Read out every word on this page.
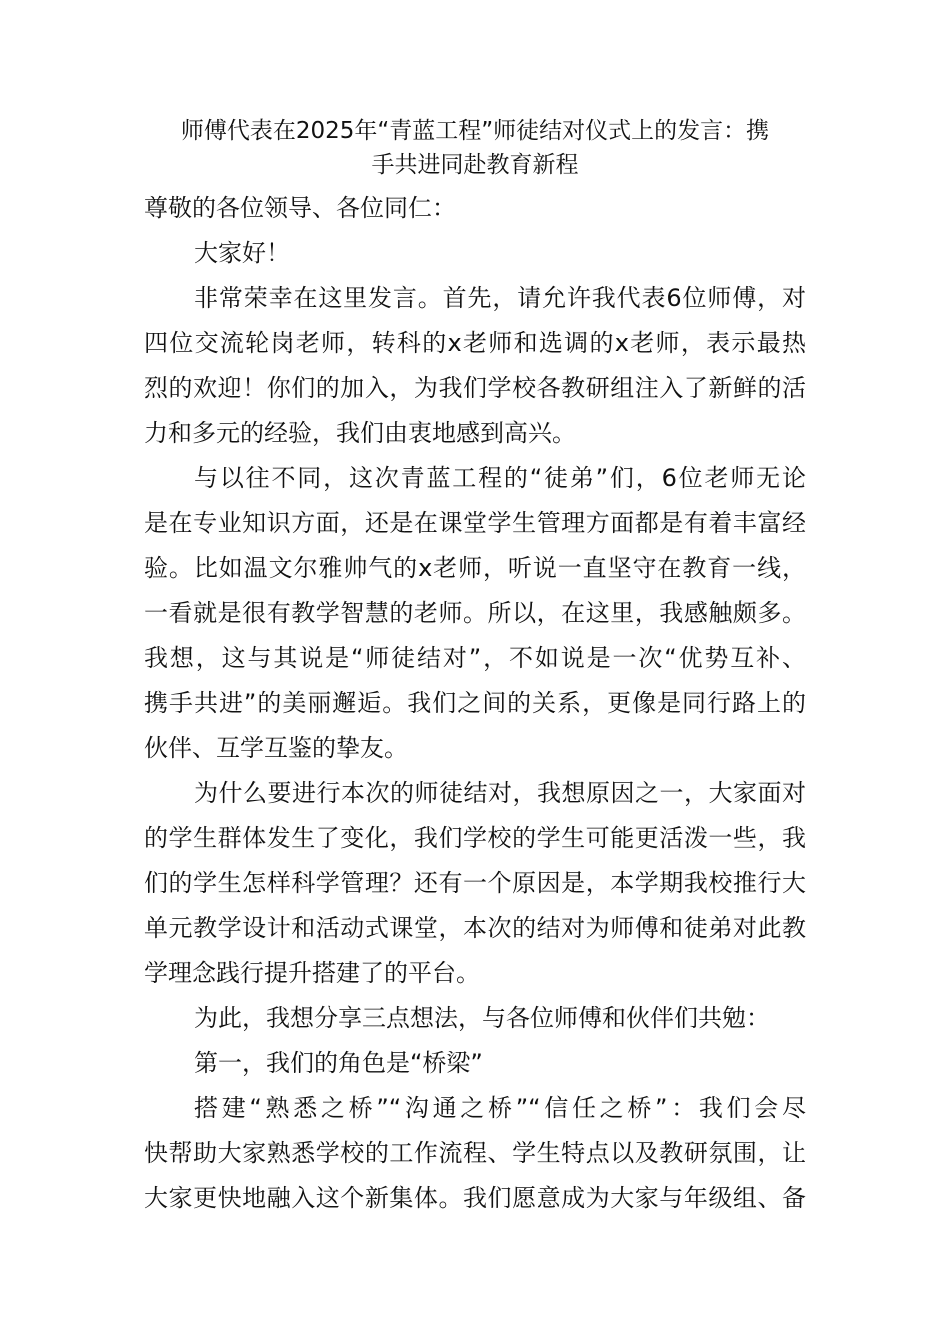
师傅代表在2025年“青蓝工程”师徒结对仪式上的发言：携
手共进同赴教育新程
尊敬的各位领导、各位同仁：
大家好！
非常荣幸在这里发言。首先，请允许我代表6位师傅，对
四位交流轮岗老师，转科的x老师和选调的x老师，表示最热
烈的欢迎！你们的加入，为我们学校各教研组注入了新鲜的活
力和多元的经验，我们由衷地感到高兴。
与以往不同，这次青蓝工程的“徒弟”们，6位老师无论
是在专业知识方面，还是在课堂学生管理方面都是有着丰富经
验。比如温文尔雅帅气的x老师，听说一直坚守在教育一线，
一看就是很有教学智慧的老师。所以，在这里，我感触颇多。
我想，这与其说是“师徒结对”，不如说是一次“优势互补、
携手共进”的美丽邂逅。我们之间的关系，更像是同行路上的
伙伴、互学互鉴的挚友。
为什么要进行本次的师徒结对，我想原因之一，大家面对
的学生群体发生了变化，我们学校的学生可能更活泼一些，我
们的学生怎样科学管理？还有一个原因是，本学期我校推行大
单元教学设计和活动式课堂，本次的结对为师傅和徒弟对此教
学理念践行提升搭建了的平台。
为此，我想分享三点想法，与各位师傅和伙伴们共勉：
第一，我们的角色是“桥梁”
搭建“熟悉之桥”“沟通之桥”“信任之桥”：我们会尽
快帮助大家熟悉学校的工作流程、学生特点以及教研氛围，让
大家更快地融入这个新集体。我们愿意成为大家与年级组、备
